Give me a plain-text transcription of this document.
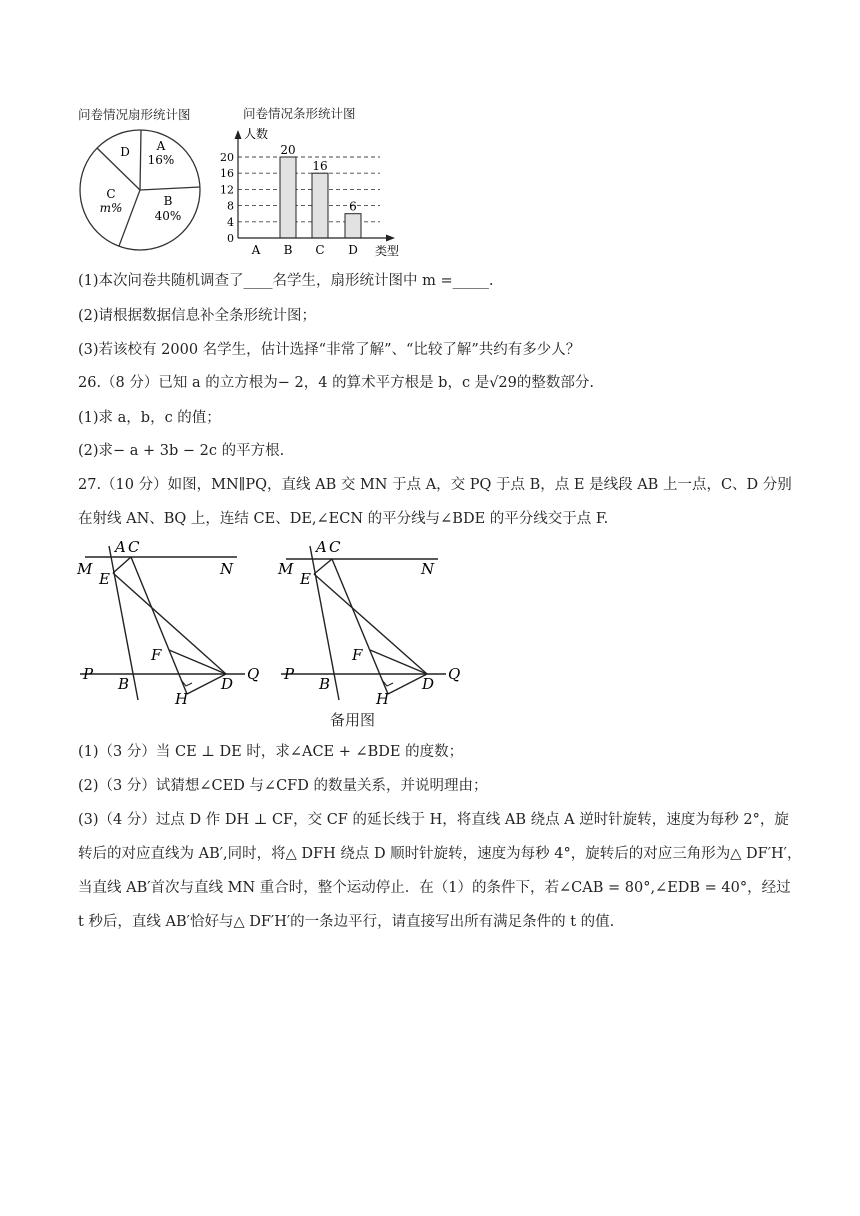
问卷情况扇形统计图
D A
16%
C
m%	B
40%
问卷情况条形统计图
人数
类型
20
16
6
0
4
8
12
16
20
A B C D
(1)本次问卷共随机调查了____名学生，扇形统计图中 m =_____.
(2)请根据数据信息补全条形统计图；
(3)若该校有 2000 名学生，估计选择“非常了解”、“比较了解”共约有多少人？
26.（8 分）已知 a 的立方根为− 2，4 的算术平方根是 b，c 是√29的整数部分.
(1)求 a，b，c 的值；
(2)求− a + 3b − 2c 的平方根.
27.（10 分）如图，MN∥PQ，直线 AB 交 MN 于点 A，交 PQ 于点 B，点 E 是线段 AB 上一点，C、D 分别
在射线 AN、BQ 上，连结 CE、DE,∠ECN 的平分线与∠BDE 的平分线交于点 F.
A C
M	N
E
F
P
B	D
Q
H
A C
M	N
E
F
P
B	D
Q
H
备用图
(1)（3 分）当 CE ⊥ DE 时，求∠ACE + ∠BDE 的度数；
(2)（3 分）试猜想∠CED 与∠CFD 的数量关系，并说明理由；
(3)（4 分）过点 D 作 DH ⊥ CF，交 CF 的延长线于 H，将直线 AB 绕点 A 逆时针旋转，速度为每秒 2°，旋
转后的对应直线为 AB′,同时，将△ DFH 绕点 D 顺时针旋转，速度为每秒 4°，旋转后的对应三角形为△ DF′H′，
当直线 AB′首次与直线 MN 重合时，整个运动停止．在（1）的条件下，若∠CAB = 80°,∠EDB = 40°，经过
t 秒后，直线 AB′恰好与△ DF′H′的一条边平行，请直接写出所有满足条件的 t 的值.
